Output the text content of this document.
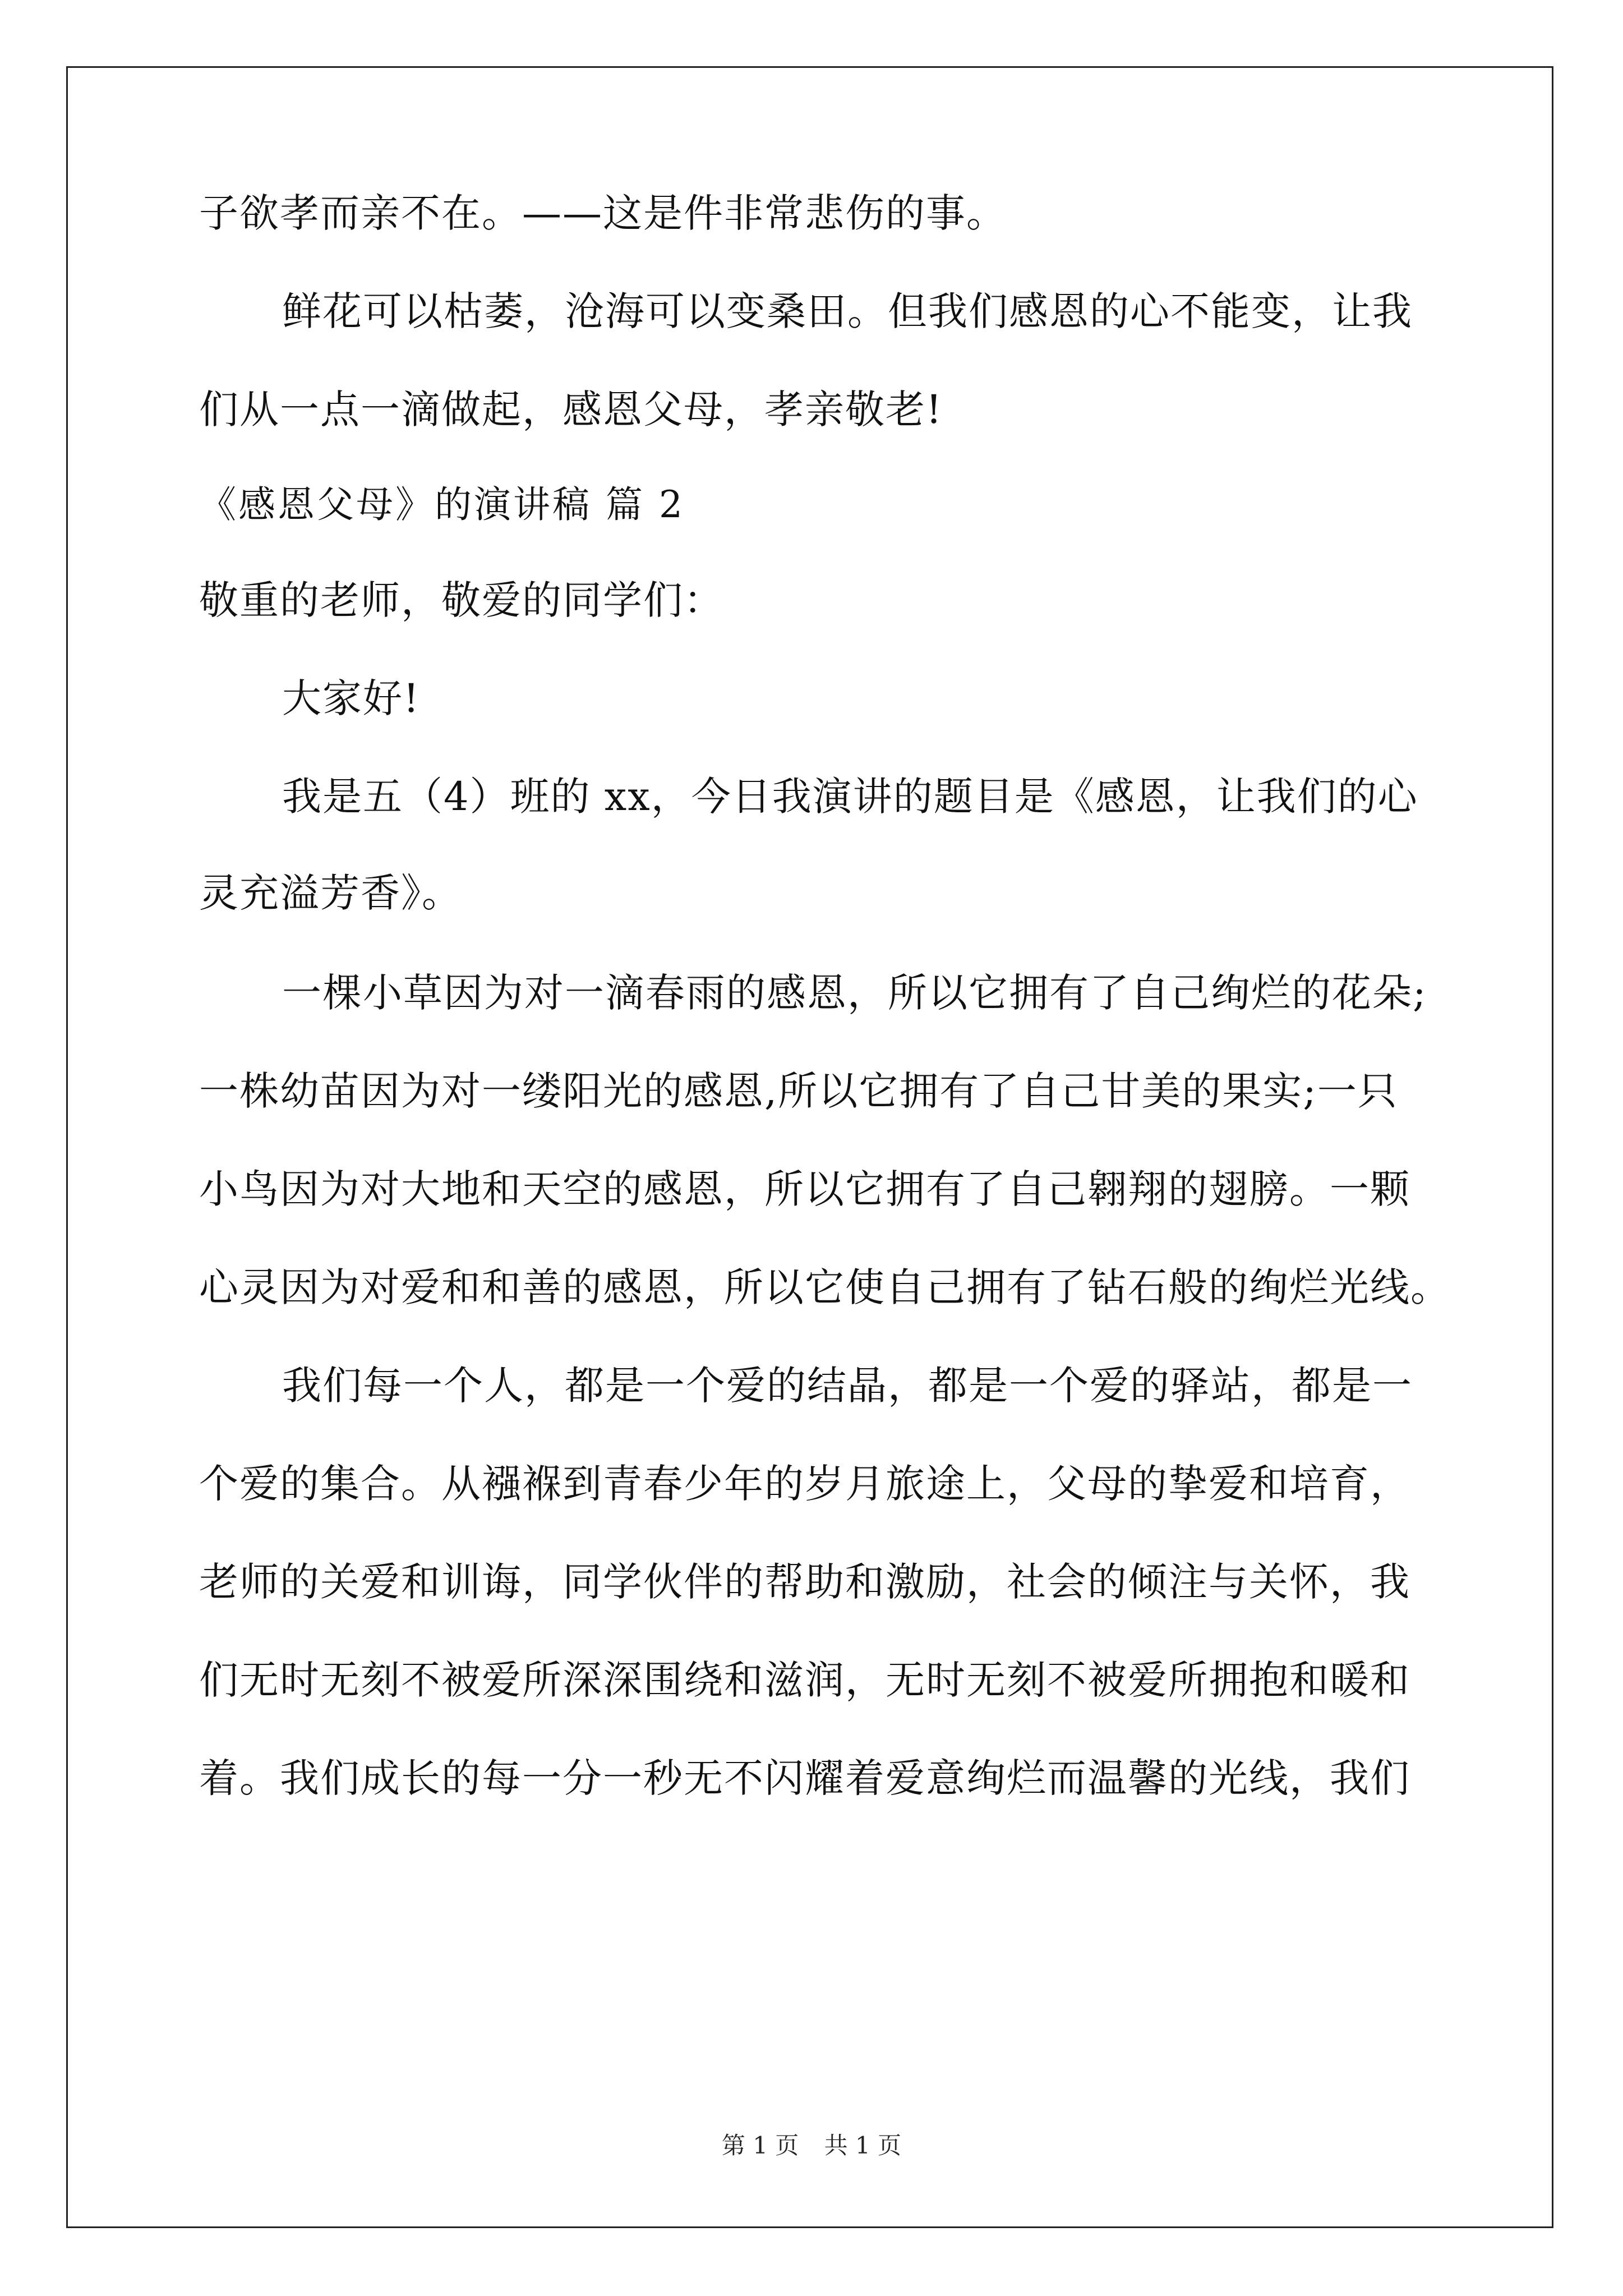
子欲孝而亲不在。——这是件非常悲伤的事。
鲜花可以枯萎，沧海可以变桑田。但我们感恩的心不能变，让我
们从一点一滴做起，感恩父母，孝亲敬老!
《感恩父母》的演讲稿 篇 2
敬重的老师，敬爱的同学们：
大家好!
我是五（4）班的 xx，今日我演讲的题目是《感恩，让我们的心
灵充溢芳香》。
一棵小草因为对一滴春雨的感恩，所以它拥有了自己绚烂的花朵;
一株幼苗因为对一缕阳光的感恩,所以它拥有了自己甘美的果实;一只
小鸟因为对大地和天空的感恩，所以它拥有了自己翱翔的翅膀。一颗
心灵因为对爱和和善的感恩，所以它使自己拥有了钻石般的绚烂光线。
我们每一个人，都是一个爱的结晶，都是一个爱的驿站，都是一
个爱的集合。从襁褓到青春少年的岁月旅途上，父母的挚爱和培育，
老师的关爱和训诲，同学伙伴的帮助和激励，社会的倾注与关怀，我
们无时无刻不被爱所深深围绕和滋润，无时无刻不被爱所拥抱和暖和
着。我们成长的每一分一秒无不闪耀着爱意绚烂而温馨的光线，我们
第 1 页 共 1 页
